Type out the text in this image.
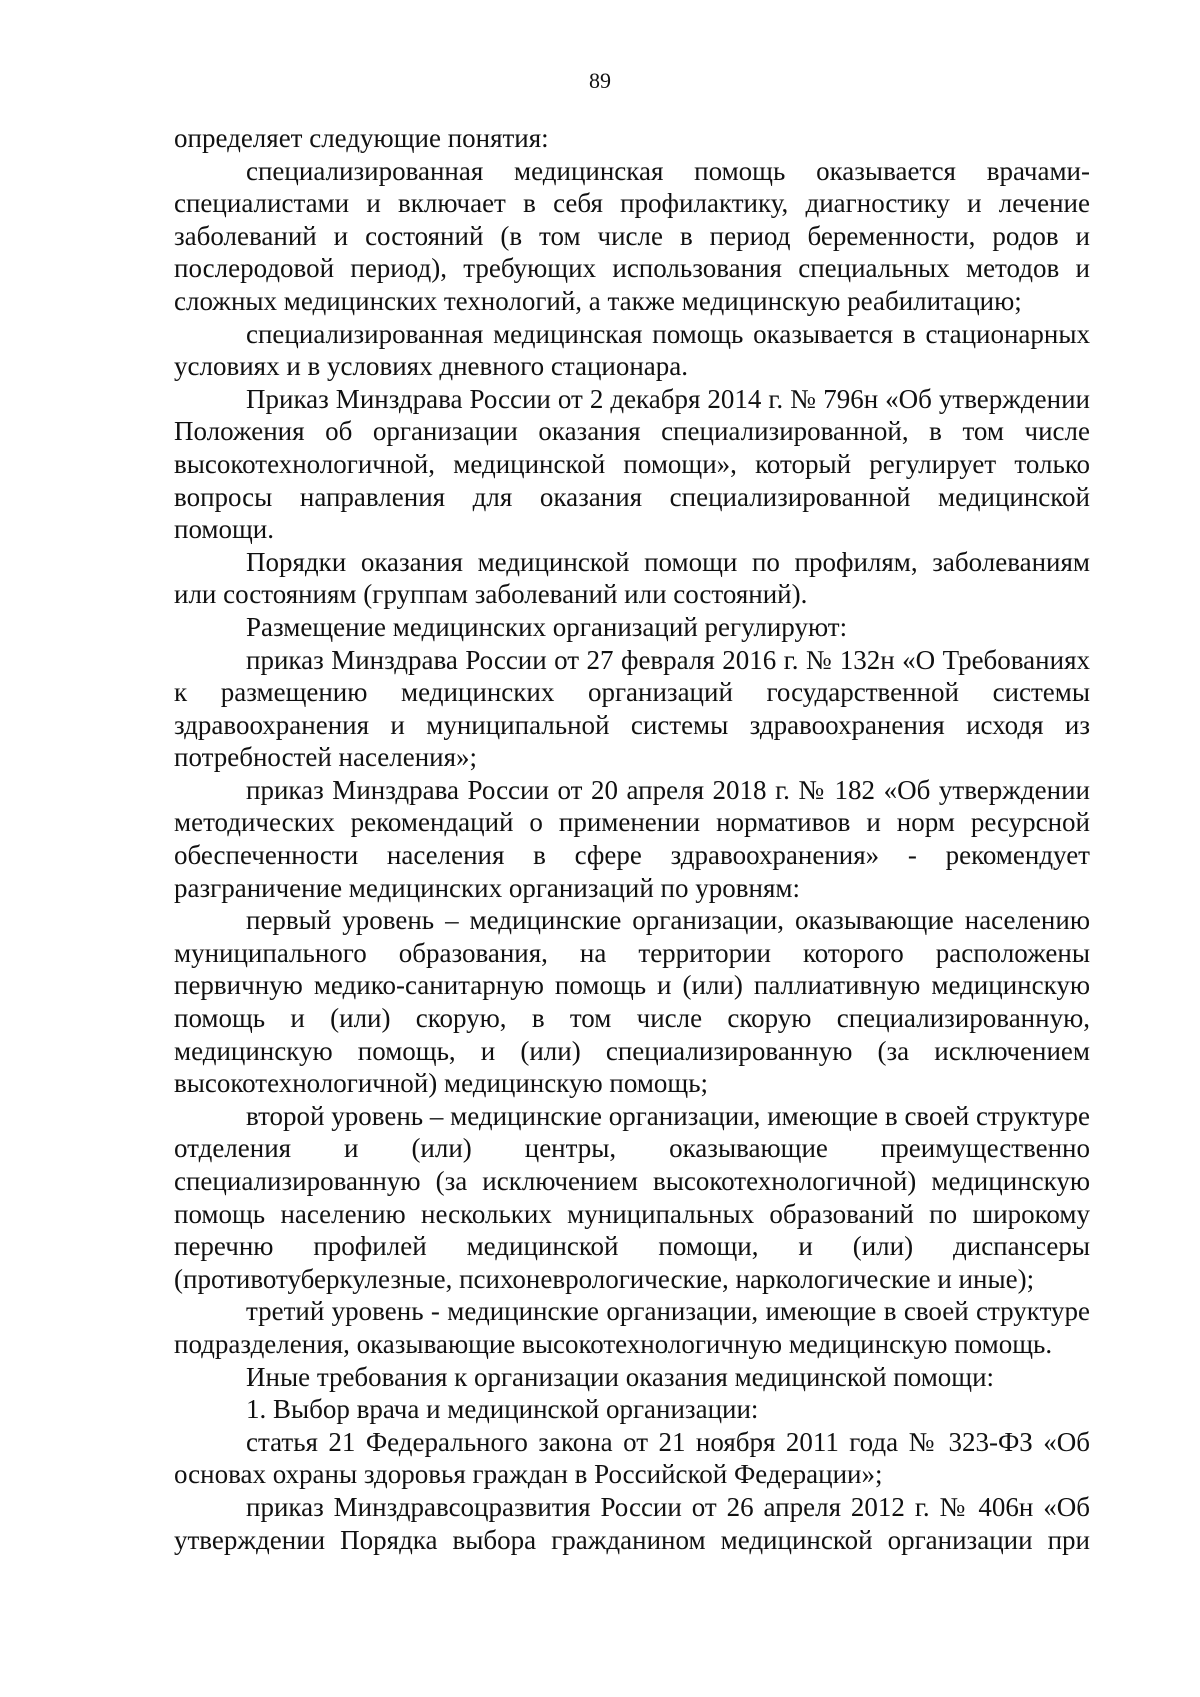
89

определяет следующие понятия:

специализированная медицинская помощь оказывается врачами-специалистами и включает в себя профилактику, диагностику и лечение заболеваний и состояний (в том числе в период беременности, родов и послеродовой период), требующих использования специальных методов и сложных медицинских технологий, а также медицинскую реабилитацию;

специализированная медицинская помощь оказывается в стационарных условиях и в условиях дневного стационара.

Приказ Минздрава России от 2 декабря 2014 г. № 796н «Об утверждении Положения об организации оказания специализированной, в том числе высокотехнологичной, медицинской помощи», который регулирует только вопросы направления для оказания специализированной медицинской помощи.

Порядки оказания медицинской помощи по профилям, заболеваниям или состояниям (группам заболеваний или состояний).

Размещение медицинских организаций регулируют:

приказ Минздрава России от 27 февраля 2016 г. № 132н «О Требованиях к размещению медицинских организаций государственной системы здравоохранения и муниципальной системы здравоохранения исходя из потребностей населения»;

приказ Минздрава России от 20 апреля 2018 г. № 182 «Об утверждении методических рекомендаций о применении нормативов и норм ресурсной обеспеченности населения в сфере здравоохранения» - рекомендует разграничение медицинских организаций по уровням:

первый уровень – медицинские организации, оказывающие населению муниципального образования, на территории которого расположены первичную медико-санитарную помощь и (или) паллиативную медицинскую помощь и (или) скорую, в том числе скорую специализированную, медицинскую помощь, и (или) специализированную (за исключением высокотехнологичной) медицинскую помощь;

второй уровень – медицинские организации, имеющие в своей структуре отделения и (или) центры, оказывающие преимущественно специализированную (за исключением высокотехнологичной) медицинскую помощь населению нескольких муниципальных образований по широкому перечню профилей медицинской помощи, и (или) диспансеры (противотуберкулезные, психоневрологические, наркологические и иные);

третий уровень - медицинские организации, имеющие в своей структуре подразделения, оказывающие высокотехнологичную медицинскую помощь.

Иные требования к организации оказания медицинской помощи:

1. Выбор врача и медицинской организации:

статья 21 Федерального закона от 21 ноября 2011 года № 323-ФЗ «Об основах охраны здоровья граждан в Российской Федерации»;

приказ Минздравсоцразвития России от 26 апреля 2012 г. № 406н «Об утверждении Порядка выбора гражданином медицинской организации при
